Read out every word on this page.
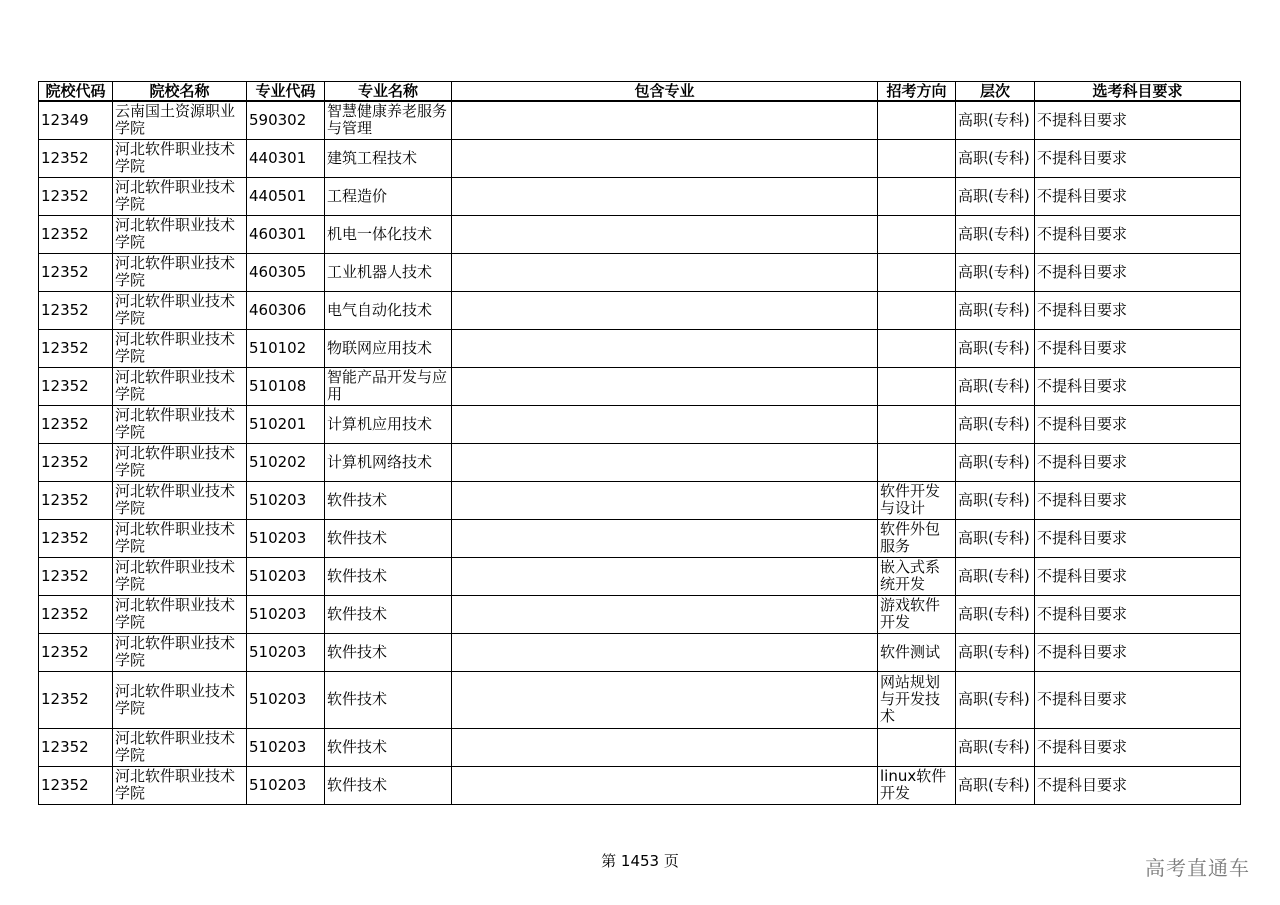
院校代码	院校名称	专业代码	专业名称	包含专业	招考方向	层次	选考科目要求
12349	云南国土资源职业学院	590302	智慧健康养老服务与管理			高职(专科)	不提科目要求
12352	河北软件职业技术学院	440301	建筑工程技术			高职(专科)	不提科目要求
12352	河北软件职业技术学院	440501	工程造价			高职(专科)	不提科目要求
12352	河北软件职业技术学院	460301	机电一体化技术			高职(专科)	不提科目要求
12352	河北软件职业技术学院	460305	工业机器人技术			高职(专科)	不提科目要求
12352	河北软件职业技术学院	460306	电气自动化技术			高职(专科)	不提科目要求
12352	河北软件职业技术学院	510102	物联网应用技术			高职(专科)	不提科目要求
12352	河北软件职业技术学院	510108	智能产品开发与应用			高职(专科)	不提科目要求
12352	河北软件职业技术学院	510201	计算机应用技术			高职(专科)	不提科目要求
12352	河北软件职业技术学院	510202	计算机网络技术			高职(专科)	不提科目要求
12352	河北软件职业技术学院	510203	软件技术		软件开发与设计	高职(专科)	不提科目要求
12352	河北软件职业技术学院	510203	软件技术		软件外包服务	高职(专科)	不提科目要求
12352	河北软件职业技术学院	510203	软件技术		嵌入式系统开发	高职(专科)	不提科目要求
12352	河北软件职业技术学院	510203	软件技术		游戏软件开发	高职(专科)	不提科目要求
12352	河北软件职业技术学院	510203	软件技术		软件测试	高职(专科)	不提科目要求
12352	河北软件职业技术学院	510203	软件技术		网站规划与开发技术	高职(专科)	不提科目要求
12352	河北软件职业技术学院	510203	软件技术			高职(专科)	不提科目要求
12352	河北软件职业技术学院	510203	软件技术		linux软件开发	高职(专科)	不提科目要求
第 1453 页	高考直通车
